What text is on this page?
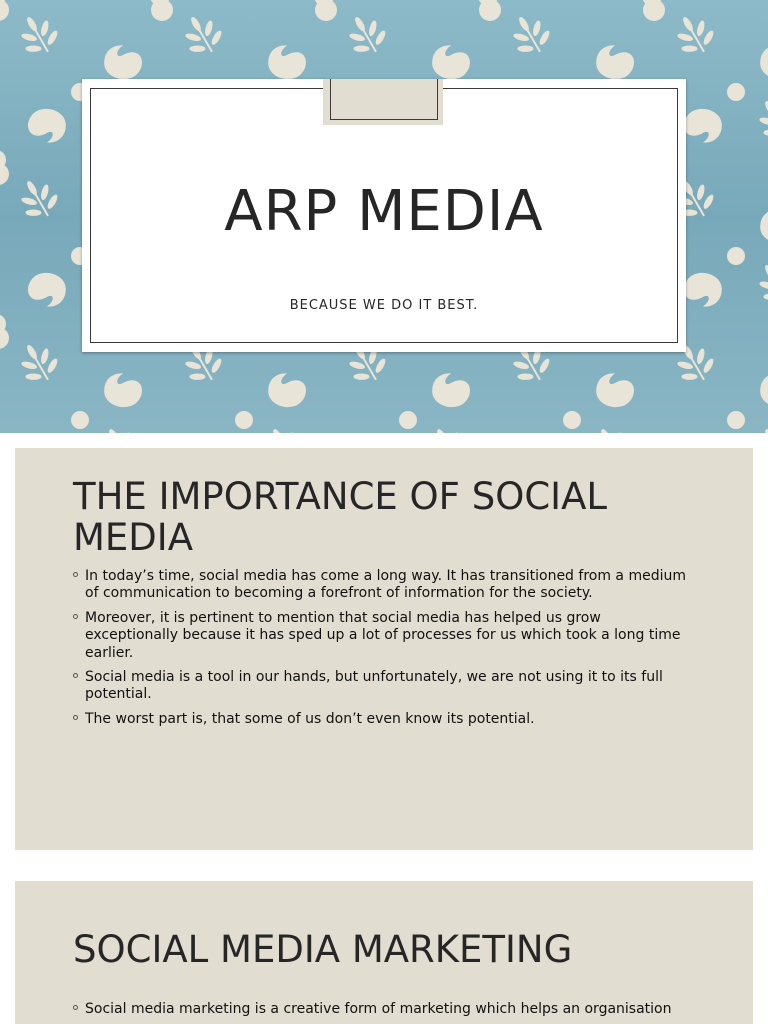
ARP MEDIA
BECAUSE WE DO IT BEST.
THE IMPORTANCE OF SOCIAL MEDIA
In today’s time, social media has come a long way. It has transitioned from a medium of communication to becoming a forefront of information for the society.
Moreover, it is pertinent to mention that social media has helped us grow exceptionally because it has sped up a lot of processes for us which took a long time earlier.
Social media is a tool in our hands, but unfortunately, we are not using it to its full potential.
The worst part is, that some of us don’t even know its potential.
SOCIAL MEDIA MARKETING
Social media marketing is a creative form of marketing which helps an organisation
